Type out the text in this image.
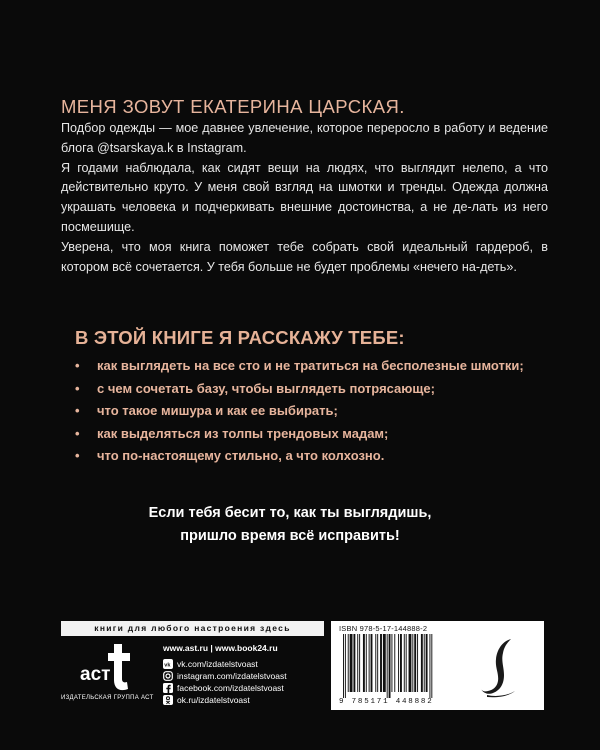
МЕНЯ ЗОВУТ ЕКАТЕРИНА ЦАРСКАЯ.

Подбор одежды — мое давнее увлечение, которое переросло в работу и ведение блога @tsarskaya.k в Instagram.

Я годами наблюдала, как сидят вещи на людях, что выглядит нелепо, а что действительно круто. У меня свой взгляд на шмотки и тренды. Одежда должна украшать человека и подчеркивать внешние достоинства, а не де-лать из него посмешище.

Уверена, что моя книга поможет тебе собрать свой идеальный гардероб, в котором всё сочетается. У тебя больше не будет проблемы «нечего на-деть».

В ЭТОЙ КНИГЕ Я РАССКАЖУ ТЕБЕ:
• как выглядеть на все сто и не тратиться на бесполезные шмотки;
• с чем сочетать базу, чтобы выглядеть потрясающе;
• что такое мишура и как ее выбирать;
• как выделяться из толпы трендовых мадам;
• что по-настоящему стильно, а что колхозно.
Если тебя бесит то, как ты выглядишь,
пришло время всё исправить!
книги для любого настроения здесь
аст
ИЗДАТЕЛЬСКАЯ ГРУППА АСТ
www.ast.ru | www.book24.ru
vk vk.com/izdatelstvoast
instagram.com/izdatelstvoast
facebook.com/izdatelstvoast
ok.ru/izdatelstvoast
ISBN 978-5-17-144888-2
9 785171 448882
